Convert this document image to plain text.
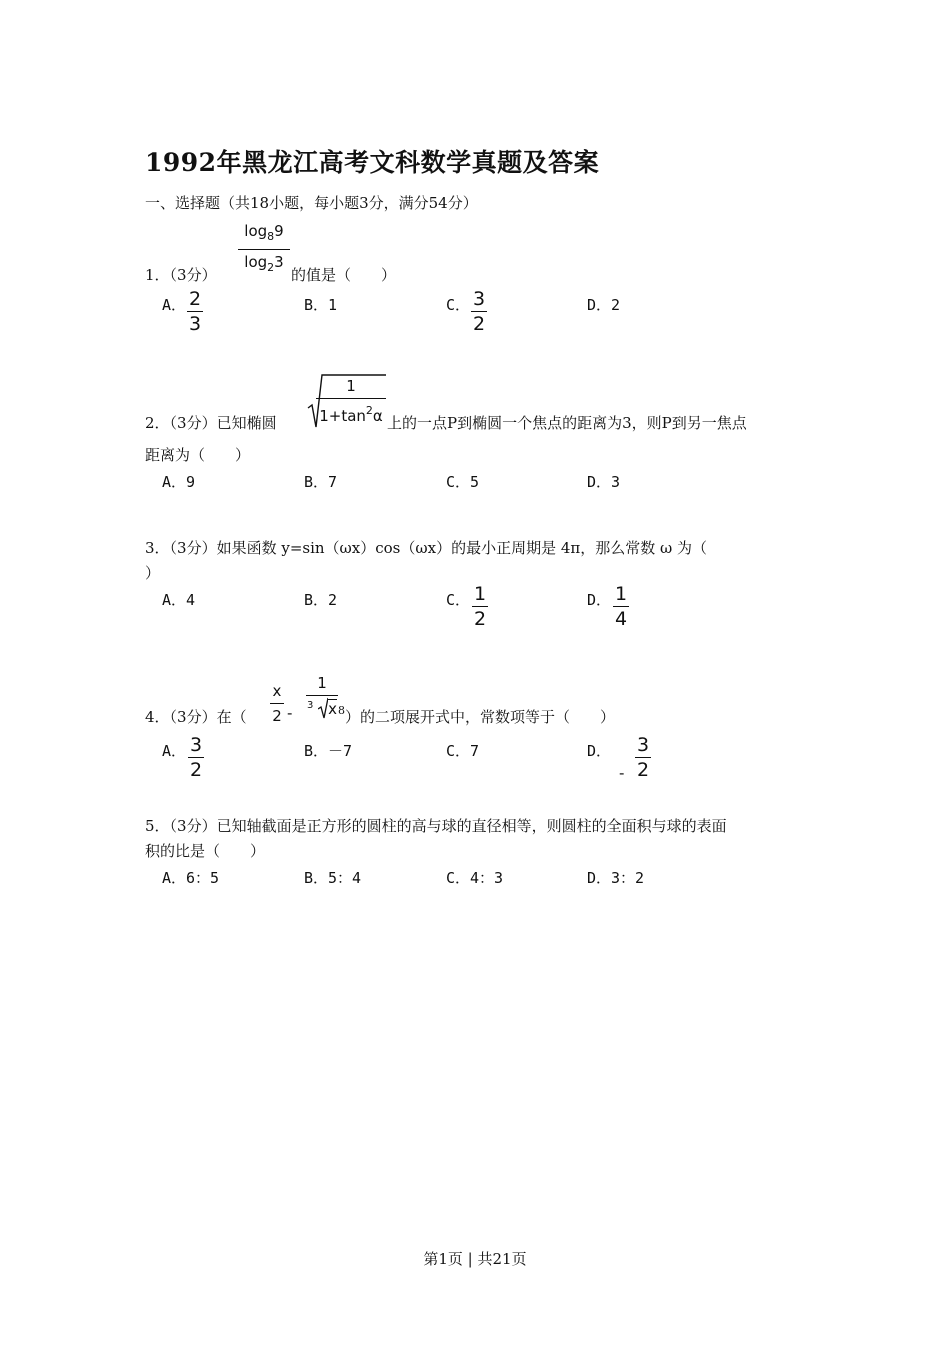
1992年黑龙江高考文科数学真题及答案
一、选择题（共18小题，每小题3分，满分54分）
$\log_89$
$\log_23$
1．（3分）	的值是（　　）
A． 2
3
B．1	C． 3
2
D．2
1
$1+\tan^2\alpha$
2．（3分）已知椭圆	上的一点P到椭圆一个焦点的距离为3，则P到另一焦点
距离为（　　）
A．9	B．7	C．5	D．3
3．（3分）如果函数 y=sin（ωx）cos（ωx）的最小正周期是 4π，那么常数 ω 为（
）
A．4	B．2	C． 1
2
D． 1
4
4．（3分）在（
x
2 -
1
$^3$ x $^8$ ）的二项展开式中，常数项等于（　　）
A． 3
2
B．－7	C．7	D．
-
3
2
5．（3分）已知轴截面是正方形的圆柱的高与球的直径相等，则圆柱的全面积与球的表面
积的比是（　　）
A．6：5	B．5：4	C．4：3	D．3：2
第1页 | 共21页
